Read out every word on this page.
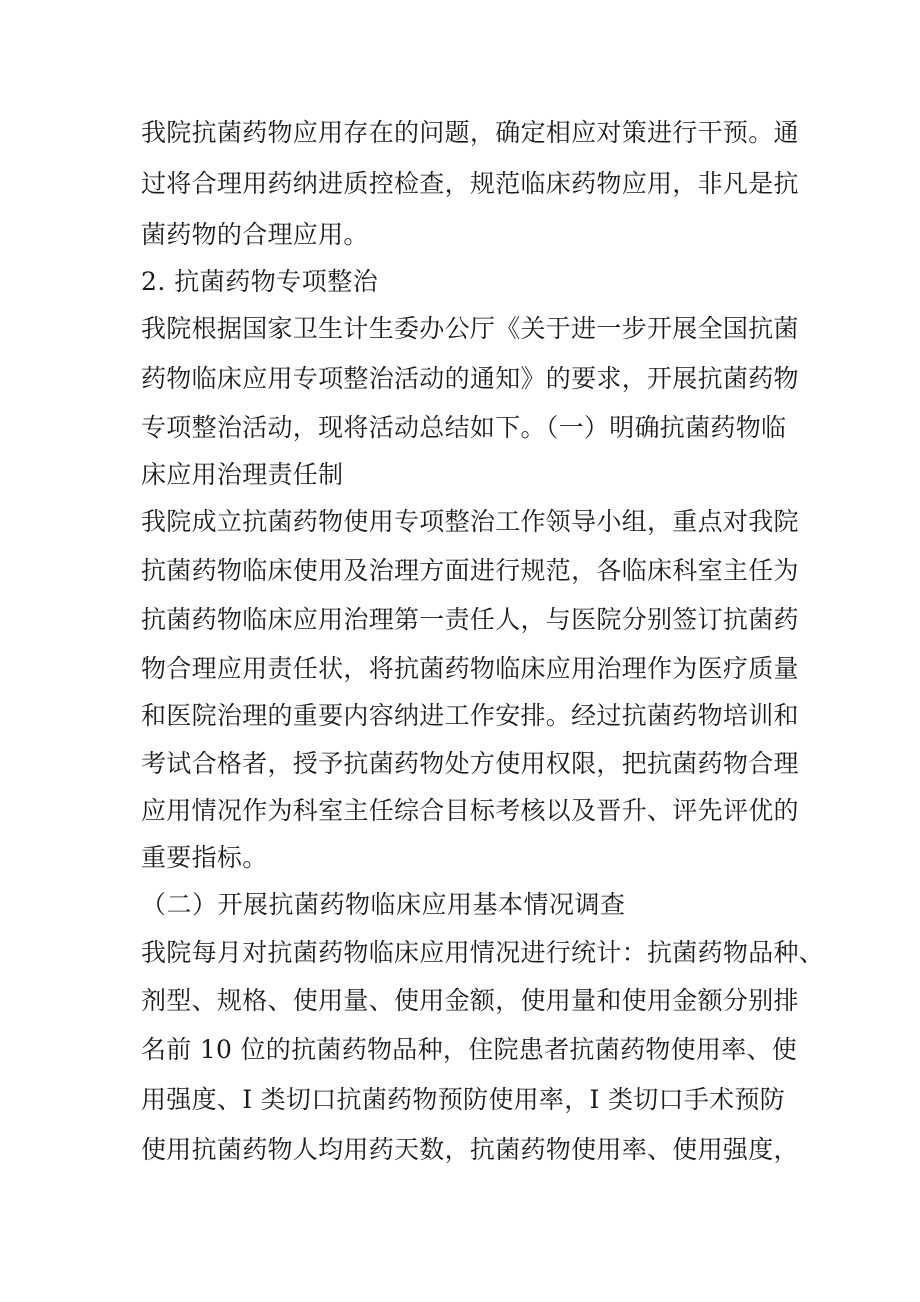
我院抗菌药物应用存在的问题，确定相应对策进行干预。通
过将合理用药纳进质控检查，规范临床药物应用，非凡是抗
菌药物的合理应用。
2. 抗菌药物专项整治
我院根据国家卫生计生委办公厅《关于进一步开展全国抗菌
药物临床应用专项整治活动的通知》的要求，开展抗菌药物
专项整治活动，现将活动总结如下。（一）明确抗菌药物临
床应用治理责任制
我院成立抗菌药物使用专项整治工作领导小组，重点对我院
抗菌药物临床使用及治理方面进行规范，各临床科室主任为
抗菌药物临床应用治理第一责任人，与医院分别签订抗菌药
物合理应用责任状，将抗菌药物临床应用治理作为医疗质量
和医院治理的重要内容纳进工作安排。经过抗菌药物培训和
考试合格者，授予抗菌药物处方使用权限，把抗菌药物合理
应用情况作为科室主任综合目标考核以及晋升、评先评优的
重要指标。
（二）开展抗菌药物临床应用基本情况调查
我院每月对抗菌药物临床应用情况进行统计：抗菌药物品种、
剂型、规格、使用量、使用金额，使用量和使用金额分别排
名前 10 位的抗菌药物品种，住院患者抗菌药物使用率、使
用强度、I 类切口抗菌药物预防使用率，I 类切口手术预防
使用抗菌药物人均用药天数，抗菌药物使用率、使用强度，
